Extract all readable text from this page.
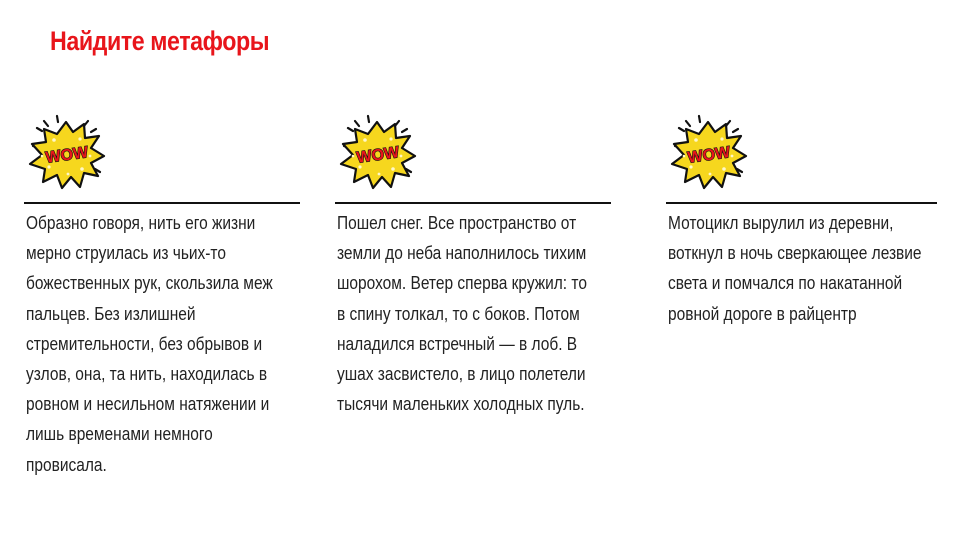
Найдите метафоры

Образно говоря, нить его жизни мерно струилась из чьих-то божественных рук, скользила меж пальцев. Без излишней стремительности, без обрывов и узлов, она, та нить, находилась в ровном и несильном натяжении и лишь временами немного провисала.

Пошел снег. Все пространство от земли до неба наполнилось тихим шорохом. Ветер сперва кружил: то в спину толкал, то с боков. Потом наладился встречный — в лоб. В ушах засвистело, в лицо полетели тысячи маленьких холодных пуль.

Мотоцикл вырулил из деревни, воткнул в ночь сверкающее лезвие света и помчался по накатанной ровной дороге в райцентр
